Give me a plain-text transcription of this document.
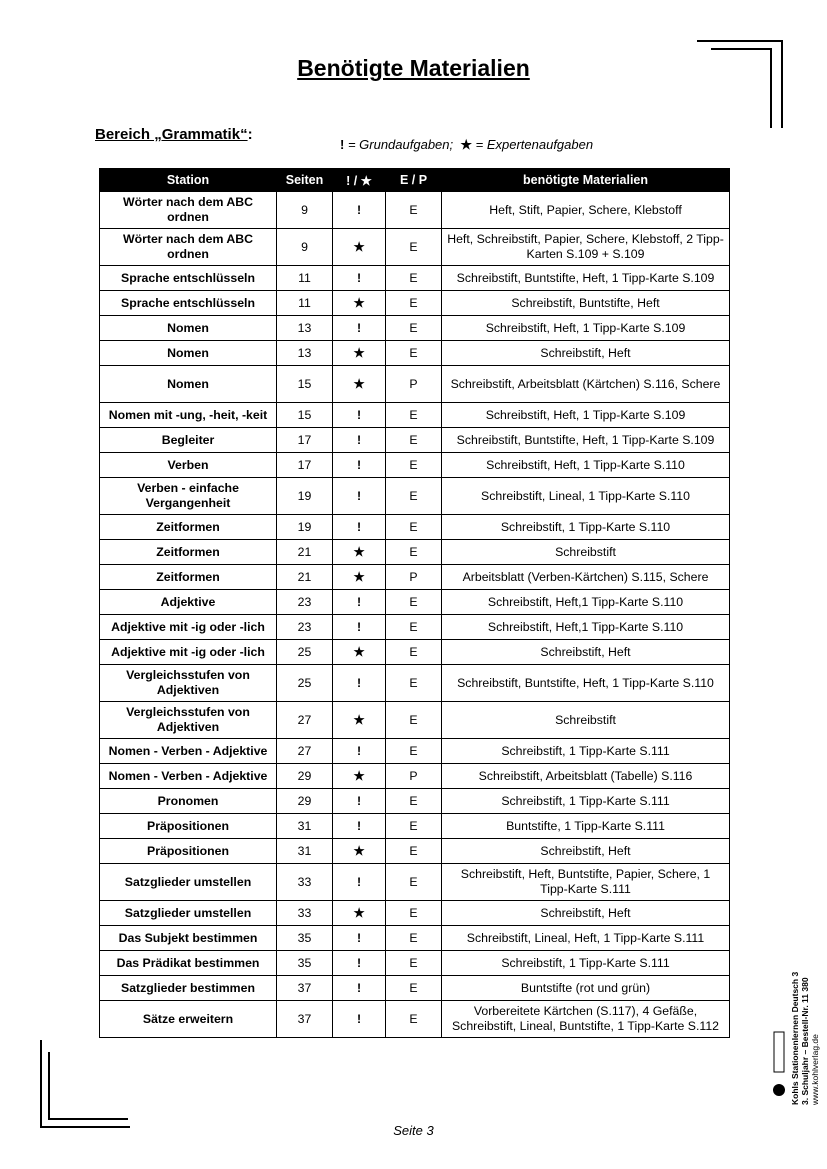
Benötigte Materialien
Bereich „Grammatik“:
! = Grundaufgaben; ★ = Expertenaufgaben
Station	Seiten	! / ★	E / P	benötigte Materialien
Wörter nach dem ABC ordnen	9	!	E	Heft, Stift, Papier, Schere, Klebstoff
Wörter nach dem ABC ordnen	9	★	E	Heft, Schreibstift, Papier, Schere, Klebstoff, 2 Tipp-Karten S.109 + S.109
Sprache entschlüsseln	11	!	E	Schreibstift, Buntstifte, Heft, 1 Tipp-Karte S.109
Sprache entschlüsseln	11	★	E	Schreibstift, Buntstifte, Heft
Nomen	13	!	E	Schreibstift, Heft, 1 Tipp-Karte S.109
Nomen	13	★	E	Schreibstift, Heft
Nomen	15	★	P	Schreibstift, Arbeitsblatt (Kärtchen) S.116, Schere
Nomen mit -ung, -heit, -keit	15	!	E	Schreibstift, Heft, 1 Tipp-Karte S.109
Begleiter	17	!	E	Schreibstift, Buntstifte, Heft, 1 Tipp-Karte S.109
Verben	17	!	E	Schreibstift, Heft, 1 Tipp-Karte S.110
Verben - einfache Vergangenheit	19	!	E	Schreibstift, Lineal, 1 Tipp-Karte S.110
Zeitformen	19	!	E	Schreibstift, 1 Tipp-Karte S.110
Zeitformen	21	★	E	Schreibstift
Zeitformen	21	★	P	Arbeitsblatt (Verben-Kärtchen) S.115, Schere
Adjektive	23	!	E	Schreibstift, Heft,1 Tipp-Karte S.110
Adjektive mit -ig oder -lich	23	!	E	Schreibstift, Heft,1 Tipp-Karte S.110
Adjektive mit -ig oder -lich	25	★	E	Schreibstift, Heft
Vergleichsstufen von Adjektiven	25	!	E	Schreibstift, Buntstifte, Heft, 1 Tipp-Karte S.110
Vergleichsstufen von Adjektiven	27	★	E	Schreibstift
Nomen - Verben - Adjektive	27	!	E	Schreibstift, 1 Tipp-Karte S.111
Nomen - Verben - Adjektive	29	★	P	Schreibstift, Arbeitsblatt (Tabelle) S.116
Pronomen	29	!	E	Schreibstift, 1 Tipp-Karte S.111
Präpositionen	31	!	E	Buntstifte, 1 Tipp-Karte S.111
Präpositionen	31	★	E	Schreibstift, Heft
Satzglieder umstellen	33	!	E	Schreibstift, Heft, Buntstifte, Papier, Schere, 1 Tipp-Karte S.111
Satzglieder umstellen	33	★	E	Schreibstift, Heft
Das Subjekt bestimmen	35	!	E	Schreibstift, Lineal, Heft, 1 Tipp-Karte S.111
Das Prädikat bestimmen	35	!	E	Schreibstift, 1 Tipp-Karte S.111
Satzglieder bestimmen	37	!	E	Buntstifte (rot und grün)
Sätze erweitern	37	!	E	Vorbereitete Kärtchen (S.117), 4 Gefäße, Schreibstift, Lineal, Buntstifte, 1 Tipp-Karte S.112	Kohls Stationenlernen Deutsch 3 3. Schuljahr – Bestell-Nr. 11 380 www.kohlverlag.de
Seite 3
